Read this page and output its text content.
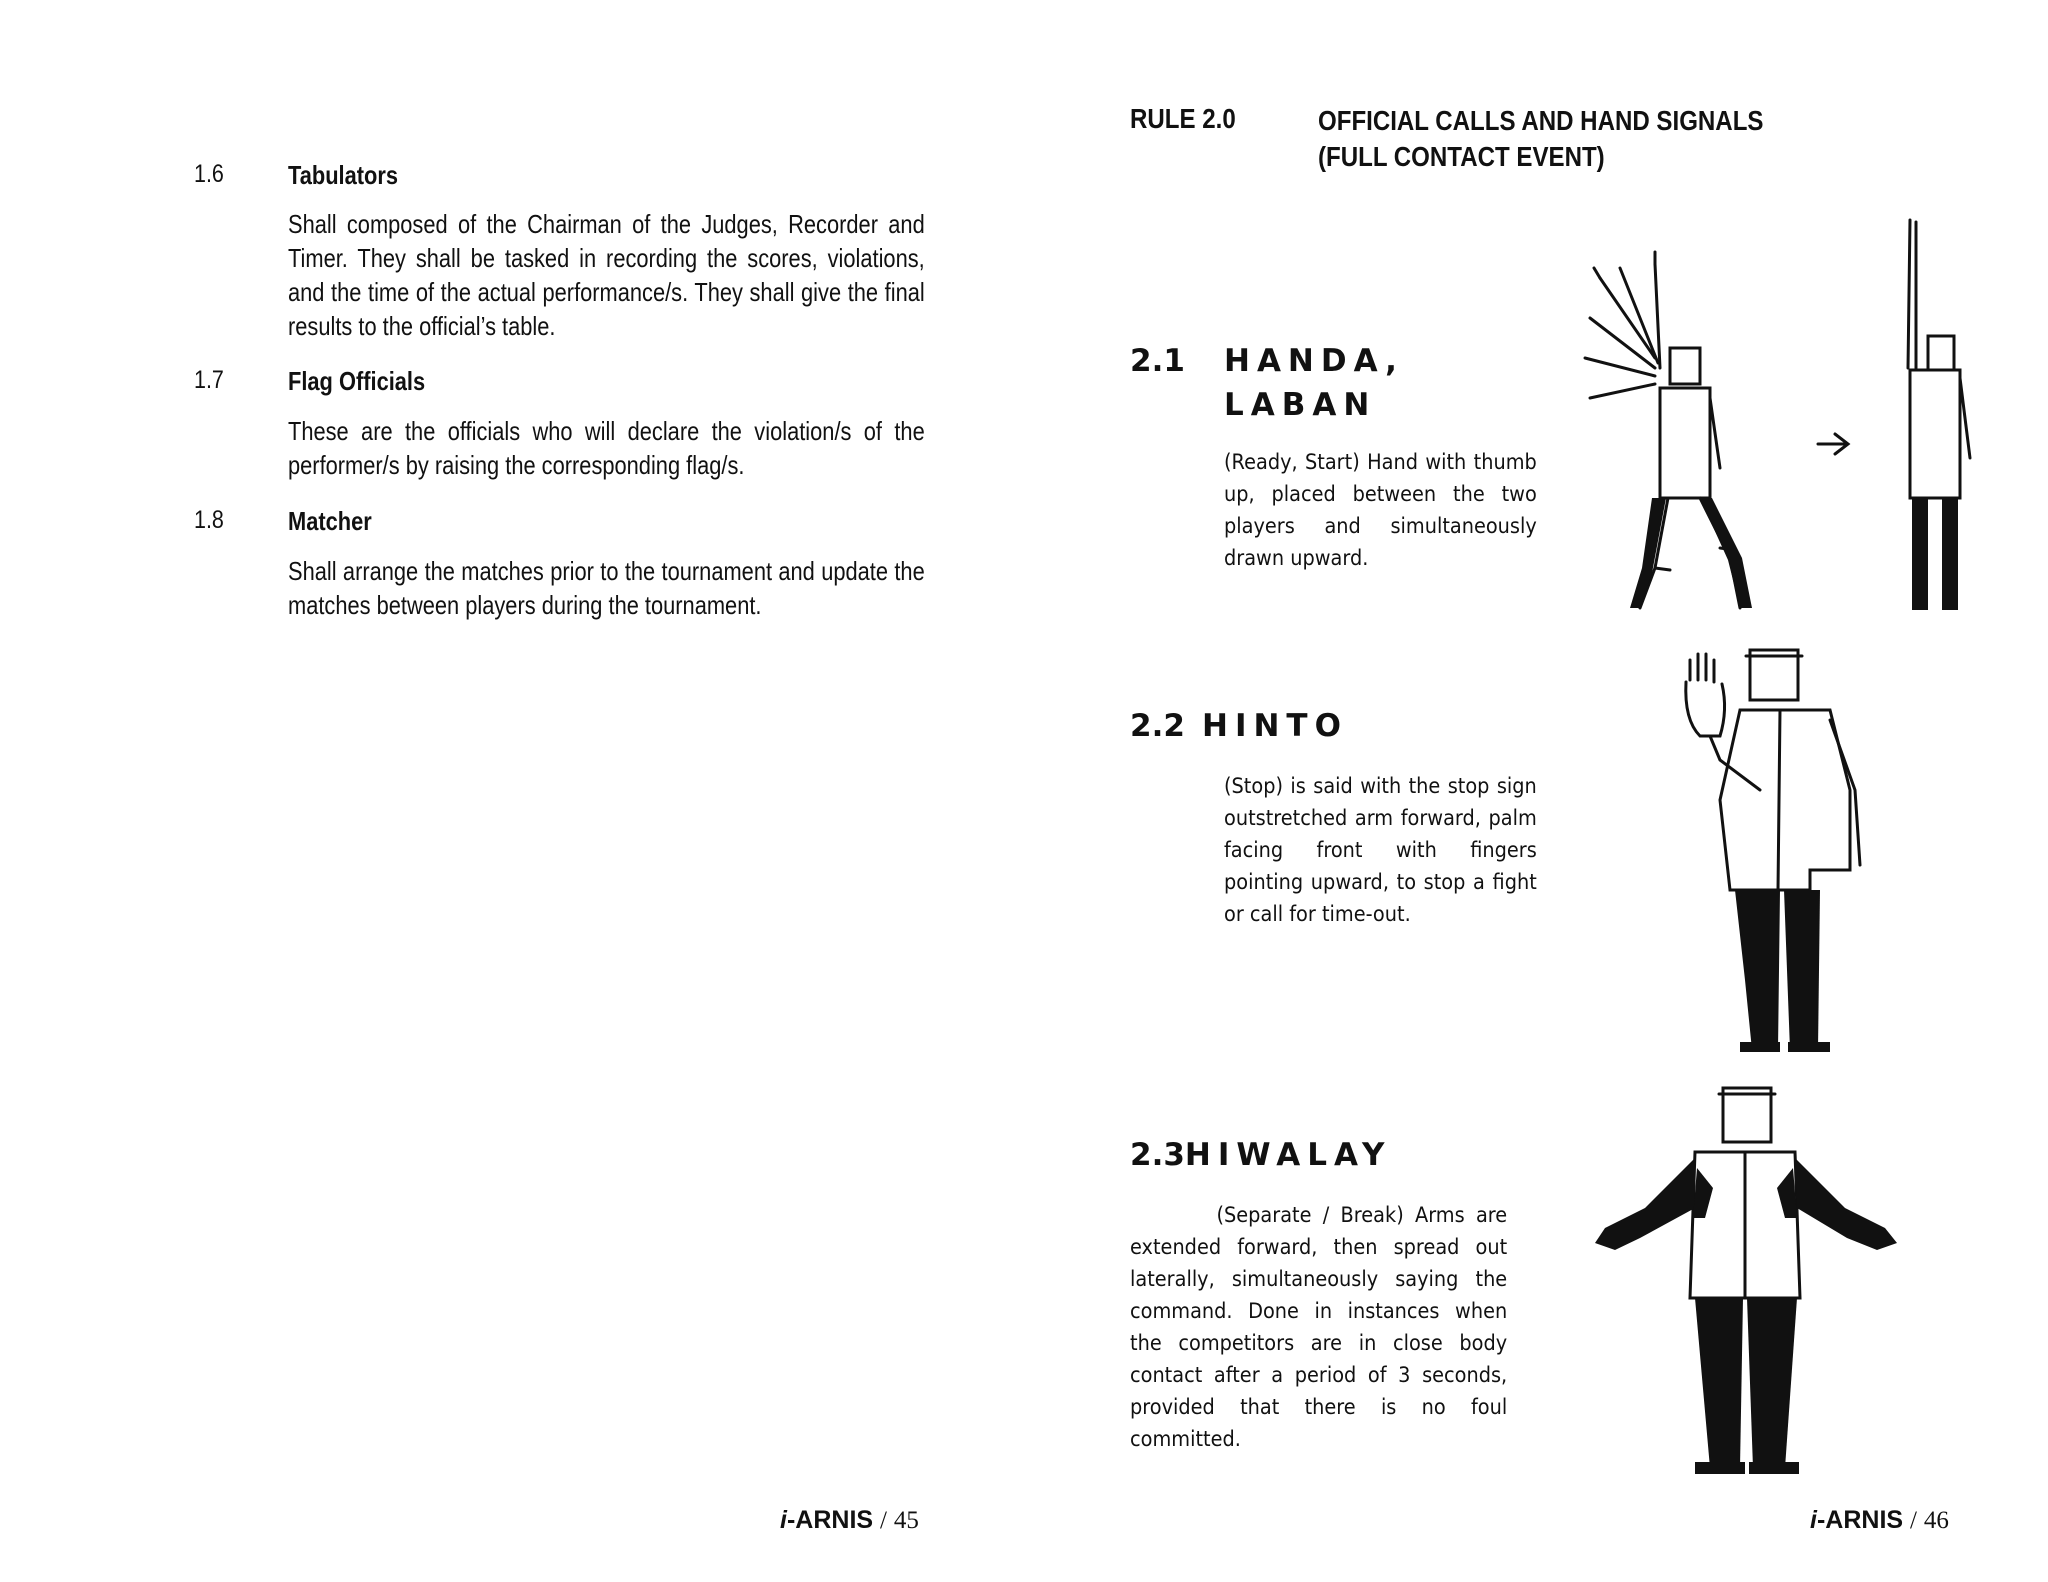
1.6 Tabulators
Shall composed of the Chairman of the Judges, Recorder and Timer. They shall be tasked in recording the scores, violations, and the time of the actual performance/s. They shall give the final results to the official’s table.
1.7 Flag Officials
These are the officials who will declare the violation/s of the performer/s by raising the corresponding flag/s.
1.8 Matcher
Shall arrange the matches prior to the tournament and update the matches between players during the tournament.
i-ARNIS / 45
RULE 2.0	OFFICIAL CALLS AND HAND SIGNALS
(FULL CONTACT EVENT)
2.1 HANDA,
LABAN
(Ready, Start) Hand with thumb up, placed between the two players and simultaneously drawn upward.
2.2 HINTO
(Stop) is said with the stop sign outstretched arm forward, palm facing front with fingers pointing upward, to stop a fight or call for time-out.
2.3HIWALAY
(Separate / Break) Arms are extended forward, then spread out laterally, simultaneously saying the command. Done in instances when the competitors are in close body contact after a period of 3 seconds, provided that there is no foul committed.
i-ARNIS / 46
